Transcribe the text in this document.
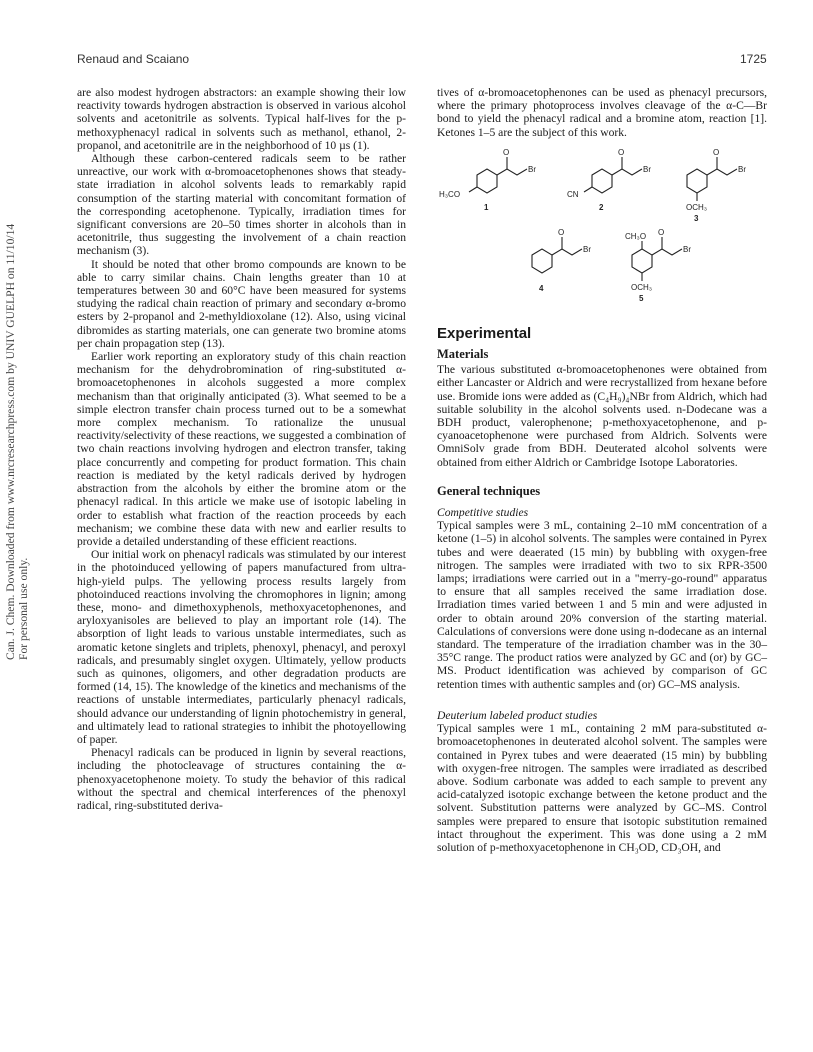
Renaud and Scaiano	1725
Can. J. Chem. Downloaded from www.nrcresearchpress.com by UNIV GUELPH on 11/10/14 For personal use only.

are also modest hydrogen abstractors: an example showing their low reactivity towards hydrogen abstraction is observed in various alcohol solvents and acetonitrile as solvents. Typical half-lives for the p-methoxyphenacyl radical in solvents such as methanol, ethanol, 2-propanol, and acetonitrile are in the neighborhood of 10 µs (1).

Although these carbon-centered radicals seem to be rather unreactive, our work with α-bromoacetophenones shows that steady-state irradiation in alcohol solvents leads to remarkably rapid consumption of the starting material with concomitant formation of the corresponding acetophenone. Typically, irradiation times for significant conversions are 20–50 times shorter in alcohols than in acetonitrile, thus suggesting the involvement of a chain reaction mechanism (3).

It should be noted that other bromo compounds are known to be able to carry similar chains. Chain lengths greater than 10 at temperatures between 30 and 60°C have been measured for systems studying the radical chain reaction of primary and secondary α-bromo esters by 2-propanol and 2-methyldioxolane (12). Also, using vicinal dibromides as starting materials, one can generate two bromine atoms per chain propagation step (13).

Earlier work reporting an exploratory study of this chain reaction mechanism for the dehydrobromination of ring-substituted α-bromoacetophenones in alcohols suggested a more complex mechanism than that originally anticipated (3). What seemed to be a simple electron transfer chain process turned out to be a somewhat more complex mechanism. To rationalize the unusual reactivity/selectivity of these reactions, we suggested a combination of two chain reactions involving hydrogen and electron transfer, taking place concurrently and competing for product formation. This chain reaction is mediated by the ketyl radicals derived by hydrogen abstraction from the alcohols by either the bromine atom or the phenacyl radical. In this article we make use of isotopic labeling in order to establish what fraction of the reaction proceeds by each mechanism; we combine these data with new and earlier results to provide a detailed understanding of these efficient reactions.

Our initial work on phenacyl radicals was stimulated by our interest in the photoinduced yellowing of papers manufactured from ultra-high-yield pulps. The yellowing process results largely from photoinduced reactions involving the chromophores in lignin; among these, mono- and dimethoxyphenols, methoxyacetophenones, and aryloxyanisoles are believed to play an important role (14). The absorption of light leads to various unstable intermediates, such as aromatic ketone singlets and triplets, phenoxyl, phenacyl, and peroxyl radicals, and presumably singlet oxygen. Ultimately, yellow products such as quinones, oligomers, and other degradation products are formed (14, 15). The knowledge of the kinetics and mechanisms of the reactions of unstable intermediates, particularly phenacyl radicals, should advance our understanding of lignin photochemistry in general, and ultimately lead to rational strategies to inhibit the photoyellowing of paper.

Phenacyl radicals can be produced in lignin by several reactions, including the photocleavage of structures containing the α-phenoxyacetophenone moiety. To study the behavior of this radical without the spectral and chemical interferences of the phenoxyl radical, ring-substituted deriva-

tives of α-bromoacetophenones can be used as phenacyl precursors, where the primary photoprocess involves cleavage of the α-C—Br bond to yield the phenacyl radical and a bromine atom, reaction [1]. Ketones 1–5 are the subject of this work.

O
Br
H₃CO
1
O
Br
CN
2
O
Br
OCH₃
3
O
Br
4
O
Br
CH₃O
OCH₃
5
Experimental
Materials

The various substituted α-bromoacetophenones were obtained from either Lancaster or Aldrich and were recrystallized from hexane before use. Bromide ions were added as (C₄H₉)₄NBr from Aldrich, which had suitable solubility in the alcohol solvents used. n-Dodecane was a BDH product, valerophenone; p-methoxyacetophenone, and p-cyanoacetophenone were purchased from Aldrich. Solvents were OmniSolv grade from BDH. Deuterated alcohol solvents were obtained from either Aldrich or Cambridge Isotope Laboratories.

General techniques
Competitive studies

Typical samples were 3 mL, containing 2–10 mM concentration of a ketone (1–5) in alcohol solvents. The samples were contained in Pyrex tubes and were deaerated (15 min) by bubbling with oxygen-free nitrogen. The samples were irradiated with two to six RPR-3500 lamps; irradiations were carried out in a "merry-go-round" apparatus to ensure that all samples received the same irradiation dose. Irradiation times varied between 1 and 5 min and were adjusted in order to obtain around 20% conversion of the starting material. Calculations of conversions were done using n-dodecane as an internal standard. The temperature of the irradiation chamber was in the 30–35°C range. The product ratios were analyzed by GC and (or) by GC–MS. Product identification was achieved by comparison of GC retention times with authentic samples and (or) GC–MS analysis.

Deuterium labeled product studies

Typical samples were 1 mL, containing 2 mM para-substituted α-bromoacetophenones in deuterated alcohol solvent. The samples were contained in Pyrex tubes and were deaerated (15 min) by bubbling with oxygen-free nitrogen. The samples were irradiated as described above. Sodium carbonate was added to each sample to prevent any acid-catalyzed isotopic exchange between the ketone product and the solvent. Substitution patterns were analyzed by GC–MS. Control samples were prepared to ensure that isotopic substitution remained intact throughout the experiment. This was done using a 2 mM solution of p-methoxyacetophenone in CH₃OD, CD₃OH, and
